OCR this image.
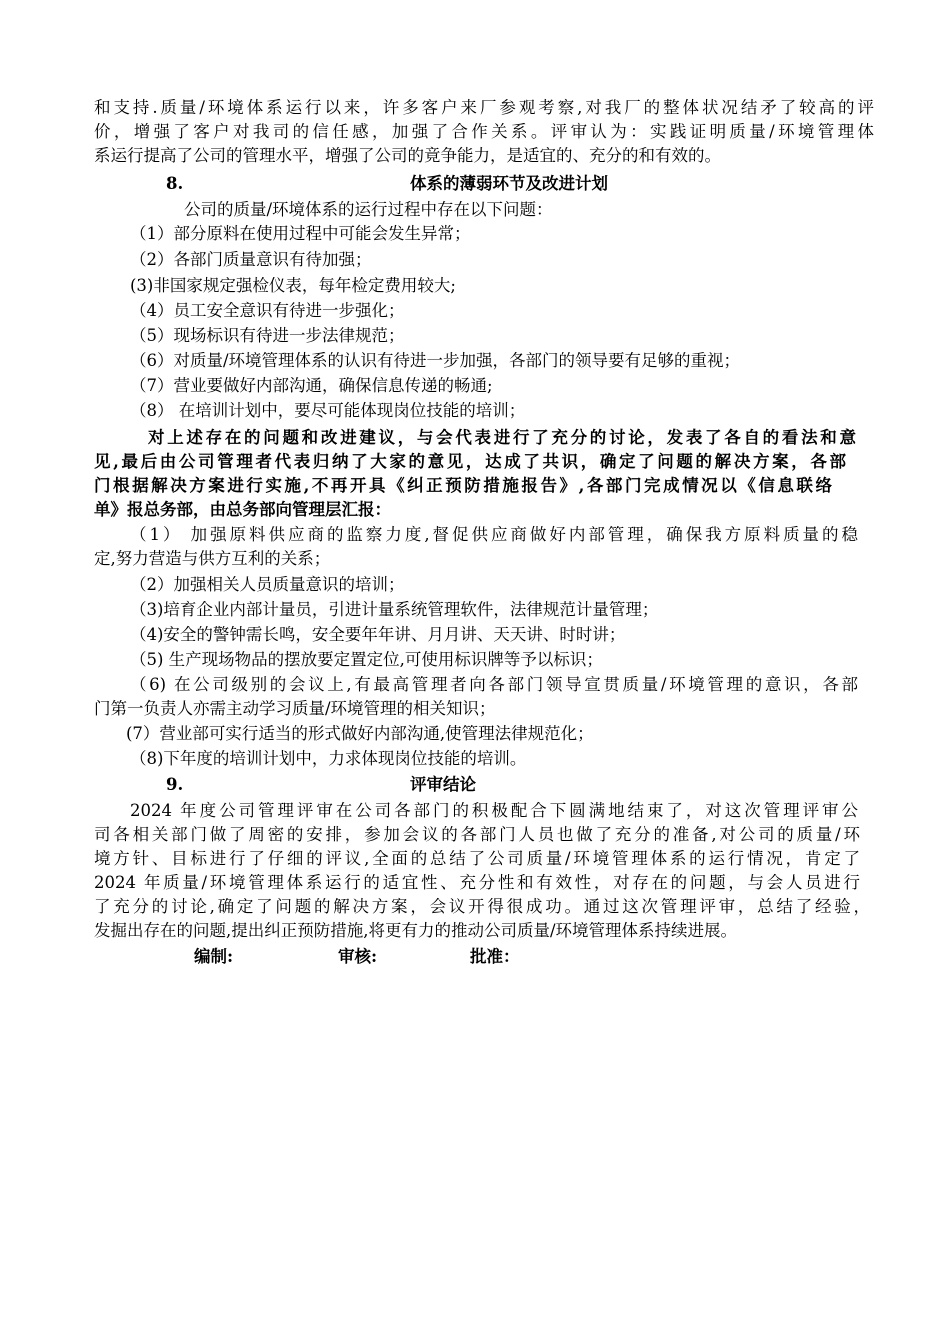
和支持.质量/环境体系运行以来，许多客户来厂参观考察,对我厂的整体状况结矛了较高的评
价，增强了客户对我司的信任感，加强了合作关系。评审认为：实践证明质量/环境管理体
系运行提高了公司的管理水平，增强了公司的竟争能力，是适宜的、充分的和有效的。
8.	体系的薄弱环节及改进计划
公司的质量/环境体系的运行过程中存在以下问题：
（1）部分原料在使用过程中可能会发生异常；
（2）各部门质量意识有待加强；
(3)非国家规定强检仪表，每年检定费用较大;
（4）员工安全意识有待进一步强化；
（5）现场标识有待进一步法律规范；
（6）对质量/环境管理体系的认识有待进一步加强，各部门的领导要有足够的重视；
（7）营业要做好内部沟通，确保信息传递的畅通;
（8） 在培训计划中，要尽可能体现岗位技能的培训；
对上述存在的问题和改进建议，与会代表进行了充分的讨论，发表了各自的看法和意
见,最后由公司管理者代表归纳了大家的意见，达成了共识，确定了问题的解决方案，各部
门根据解决方案进行实施,不再开具《纠正预防措施报告》,各部门完成情况以《信息联络
单》报总务部，由总务部向管理层汇报：
（1） 加强原料供应商的监察力度,督促供应商做好内部管理，确保我方原料质量的稳
定,努力营造与供方互利的关系；
（2）加强相关人员质量意识的培训；
（3)培育企业内部计量员，引进计量系统管理软件，法律规范计量管理；
（4)安全的警钟需长鸣，安全要年年讲、月月讲、天天讲、时时讲；
（5) 生产现场物品的摆放要定置定位,可使用标识牌等予以标识；
（6) 在公司级别的会议上,有最高管理者向各部门领导宣贯质量/环境管理的意识，各部
门第一负责人亦需主动学习质量/环境管理的相关知识；
(7）营业部可实行适当的形式做好内部沟通,使管理法律规范化；
（8)下年度的培训计划中，力求体现岗位技能的培训。
9.	评审结论
2024 年度公司管理评审在公司各部门的积极配合下圆满地结束了，对这次管理评审公
司各相关部门做了周密的安排，参加会议的各部门人员也做了充分的准备,对公司的质量/环
境方针、目标进行了仔细的评议,全面的总结了公司质量/环境管理体系的运行情况，肯定了
2024 年质量/环境管理体系运行的适宜性、充分性和有效性，对存在的问题，与会人员进行
了充分的讨论,确定了问题的解决方案，会议开得很成功。通过这次管理评审，总结了经验，
发掘出存在的问题,提出纠正预防措施,将更有力的推动公司质量/环境管理体系持续进展。
编制:	审核:	批准：
